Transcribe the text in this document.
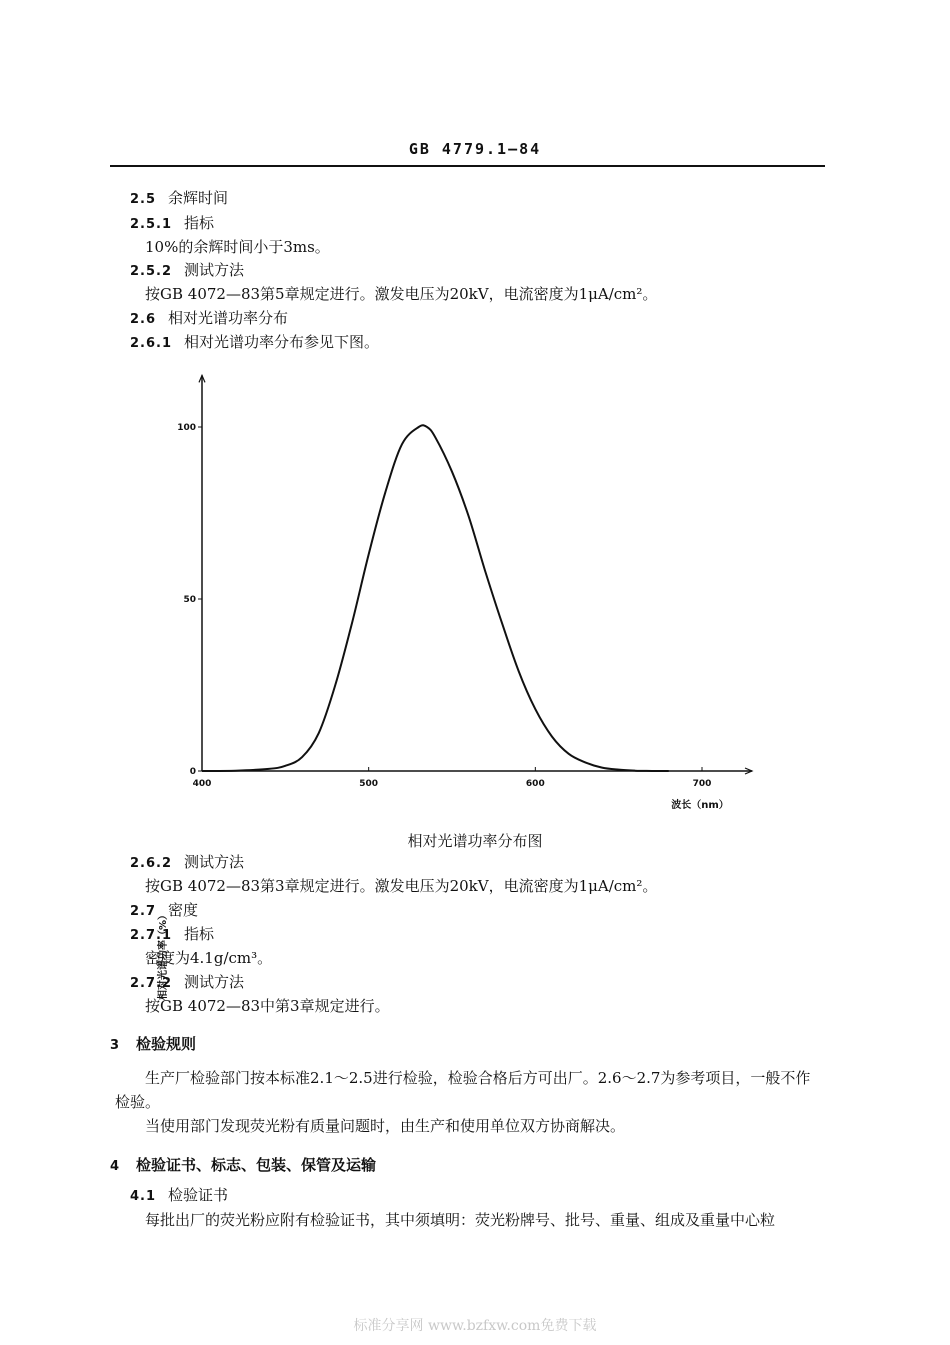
GB 4779.1—84
2.5 余辉时间
2.5.1 指标
10%的余辉时间小于3ms。
2.5.2 测试方法
按GB 4072—83第5章规定进行。激发电压为20kV，电流密度为1μA/cm²。
2.6 相对光谱功率分布
2.6.1 相对光谱功率分布参见下图。
0
50
100
400	500	600	700
相对光谱功率（%）
波长（nm）
相对光谱功率分布图
2.6.2 测试方法
按GB 4072—83第3章规定进行。激发电压为20kV，电流密度为1μA/cm²。
2.7 密度
2.7.1 指标
密度为4.1g/cm³。
2.7.2 测试方法
按GB 4072—83中第3章规定进行。
3 检验规则

生产厂检验部门按本标准2.1～2.5进行检验，检验合格后方可出厂。2.6～2.7为参考项目，一般不作检验。

当使用部门发现荧光粉有质量问题时，由生产和使用单位双方协商解决。

4 检验证书、标志、包装、保管及运输
4.1 检验证书
每批出厂的荧光粉应附有检验证书，其中须填明：荧光粉牌号、批号、重量、组成及重量中心粒
标准分享网 www.bzfxw.com免费下载
